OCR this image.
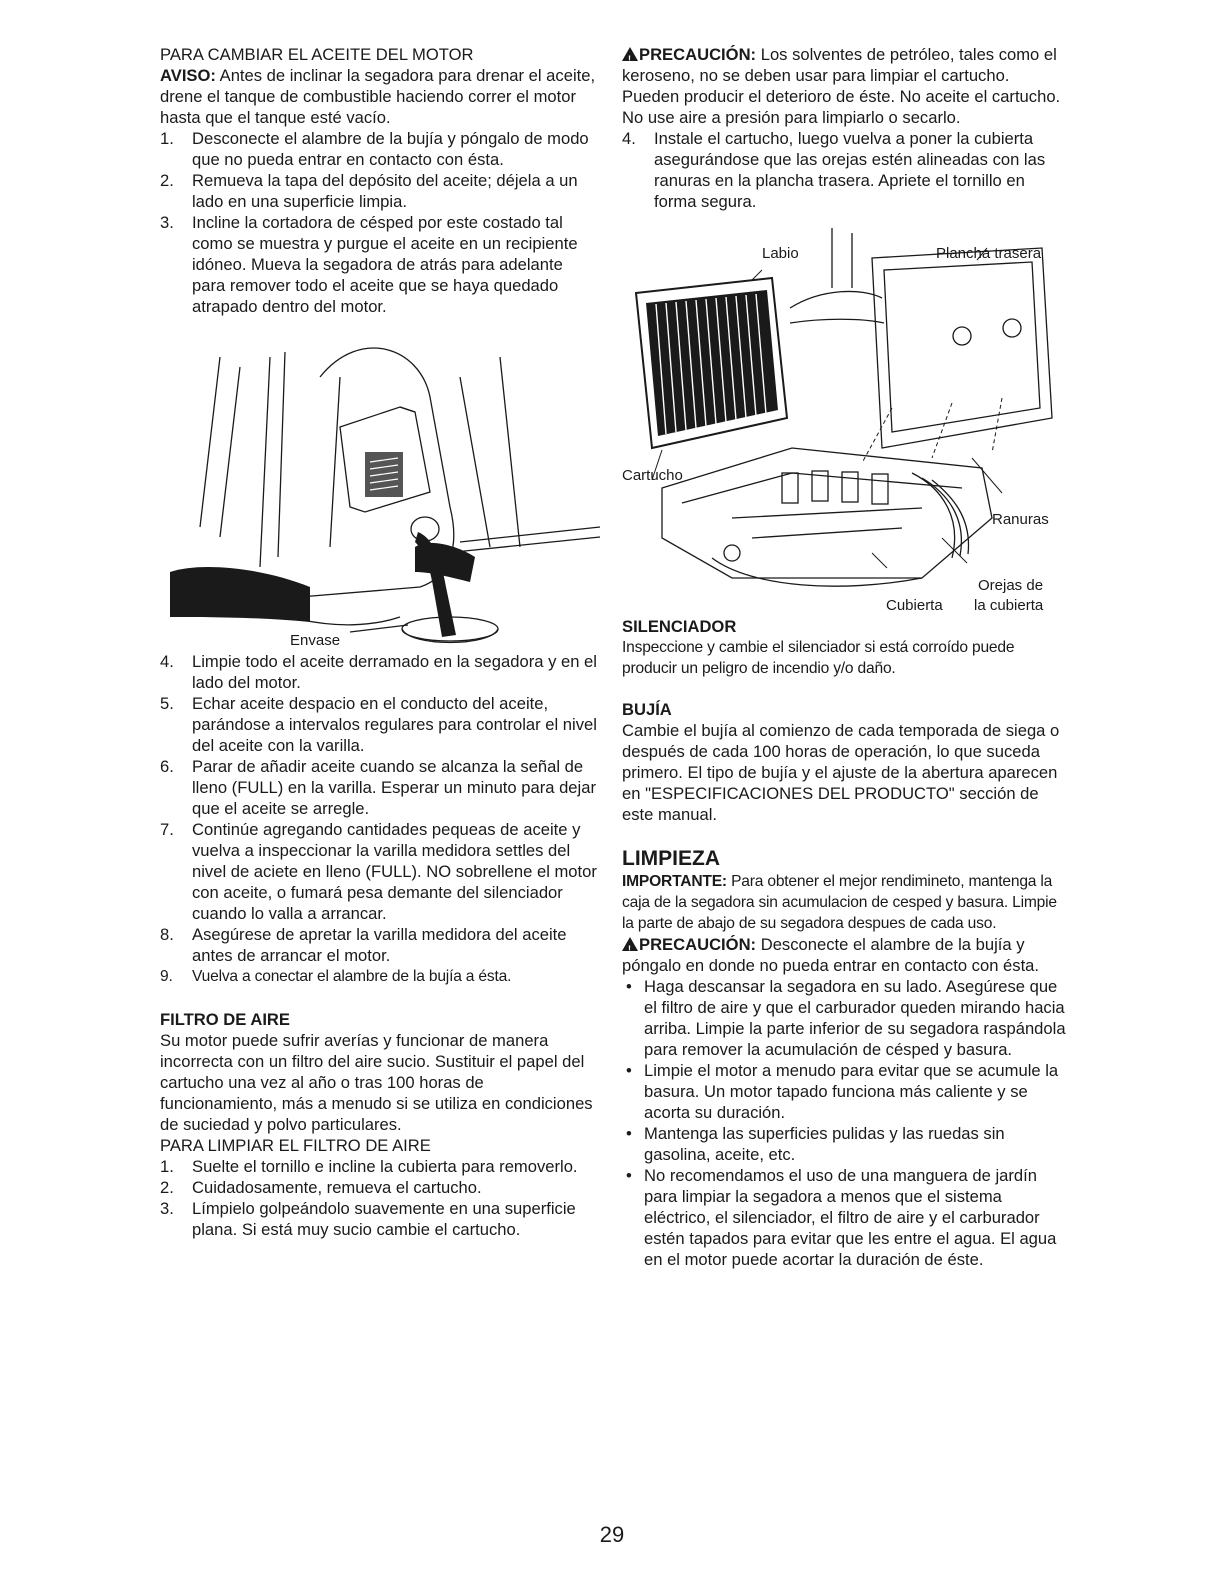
PARA CAMBIAR EL ACEITE DEL MOTOR

AVISO: Antes de inclinar la segadora para drenar el aceite, drene el tanque de combustible haciendo correr el motor hasta que el tanque esté vacío.

1. Desconecte el alambre de la bujía y póngalo de modo que no pueda entrar en contacto con ésta.
2. Remueva la tapa del depósito del aceite; déjela a un lado en una superficie limpia.
3. Incline la cortadora de césped por este costado tal como se muestra y purgue el aceite en un recipiente idóneo. Mueva la segadora de atrás para adelante para remover todo el aceite que se haya quedado atrapado dentro del motor.
Envase
4. Limpie todo el aceite derramado en la segadora y en el lado del motor.
5. Echar aceite despacio en el conducto del aceite, parándose a intervalos regulares para controlar el nivel del aceite con la varilla.
6. Parar de añadir aceite cuando se alcanza la señal de lleno (FULL) en la varilla. Esperar un minuto para dejar que el aceite se arregle.
7. Continúe agregando cantidades pequeas de aceite y vuelva a inspeccionar la varilla medidora settles del nivel de aciete en lleno (FULL). NO sobrellene el motor con aceite, o fumará pesa demante del silenciador cuando lo valla a arrancar.
8. Asegúrese de apretar la varilla medidora del aceite antes de arrancar el motor.
9. Vuelva a conectar el alambre de la bujía a ésta.

FILTRO DE AIRE

Su motor puede sufrir averías y funcionar de manera incorrecta con un filtro del aire sucio. Sustituir el papel del cartucho una vez al año o tras 100 horas de funcionamiento, más a menudo si se utiliza en condiciones de suciedad y polvo particulares.

PARA LIMPIAR EL FILTRO DE AIRE

1. Suelte el tornillo e incline la cubierta para removerlo.
2. Cuidadosamente, remueva el cartucho.
3. Límpielo golpeándolo suavemente en una superficie plana. Si está muy sucio cambie el cartucho.

!PRECAUCIÓN: Los solventes de petróleo, tales como el keroseno, no se deben usar para limpiar el cartucho. Pueden producir el deterioro de éste. No aceite el cartucho. No use aire a presión para limpiarlo o secarlo.

4. Instale el cartucho, luego vuelva a poner la cubierta asegurándose que las orejas estén alineadas con las ranuras en la plancha trasera. Apriete el tornillo en forma segura.
Labio	Plancha trasera
Cartucho
Ranuras
Orejas de
Cubierta la cubierta

SILENCIADOR

Inspeccione y cambie el silenciador si está corroído puede producir un peligro de incendio y/o daño.

BUJÍA

Cambie el bujía al comienzo de cada temporada de siega o después de cada 100 horas de operación, lo que suceda primero. El tipo de bujía y el ajuste de la abertura aparecen en "ESPECIFICACIONES DEL PRODUCTO" sección de este manual.

LIMPIEZA

IMPORTANTE: Para obtener el mejor rendimineto, mantenga la caja de la segadora sin acumulacion de cesped y basura. Limpie la parte de abajo de su segadora despues de cada uso.

!PRECAUCIÓN: Desconecte el alambre de la bujía y póngalo en donde no pueda entrar en contacto con ésta.

• Haga descansar la segadora en su lado. Asegúrese que el filtro de aire y que el carburador queden mirando hacia arriba. Limpie la parte inferior de su segadora raspándola para remover la acumulación de césped y basura.
• Limpie el motor a menudo para evitar que se acumule la basura. Un motor tapado funciona más caliente y se acorta su duración.
• Mantenga las superficies pulidas y las ruedas sin gasolina, aceite, etc.
• No recomendamos el uso de una manguera de jardín para limpiar la segadora a menos que el sistema eléctrico, el silenciador, el filtro de aire y el carburador estén tapados para evitar que les entre el agua. El agua en el motor puede acortar la duración de éste.
29
